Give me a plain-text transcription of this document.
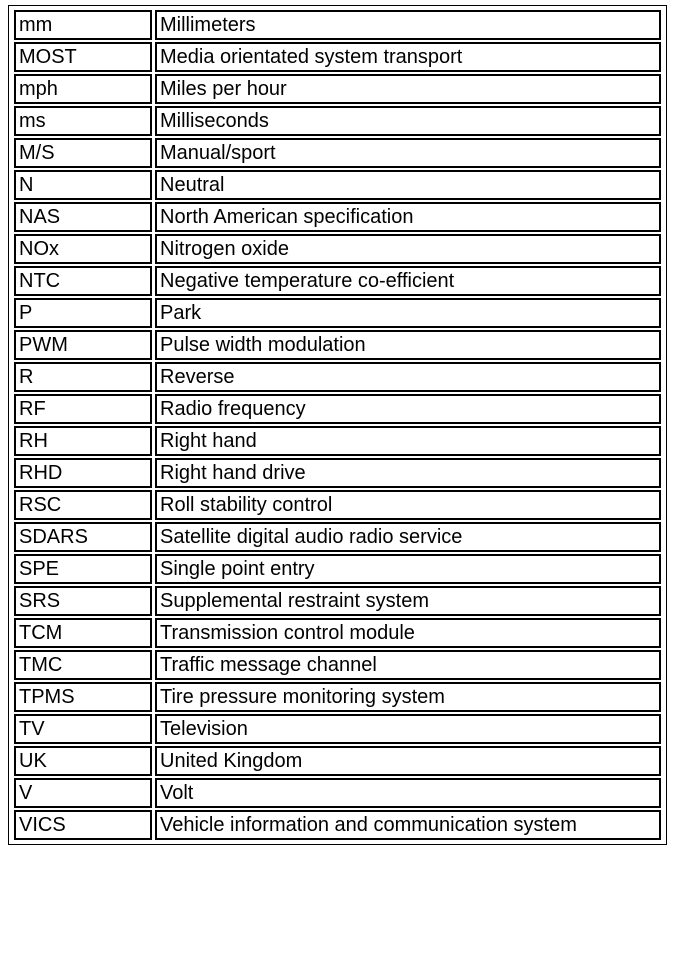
mm	Millimeters
MOST	Media orientated system transport
mph	Miles per hour
ms	Milliseconds
M/S	Manual/sport
N	Neutral
NAS	North American specification
NOx	Nitrogen oxide
NTC	Negative temperature co-efficient
P	Park
PWM	Pulse width modulation
R	Reverse
RF	Radio frequency
RH	Right hand
RHD	Right hand drive
RSC	Roll stability control
SDARS	Satellite digital audio radio service
SPE	Single point entry
SRS	Supplemental restraint system
TCM	Transmission control module
TMC	Traffic message channel
TPMS	Tire pressure monitoring system
TV	Television
UK	United Kingdom
V	Volt
VICS	Vehicle information and communication system
